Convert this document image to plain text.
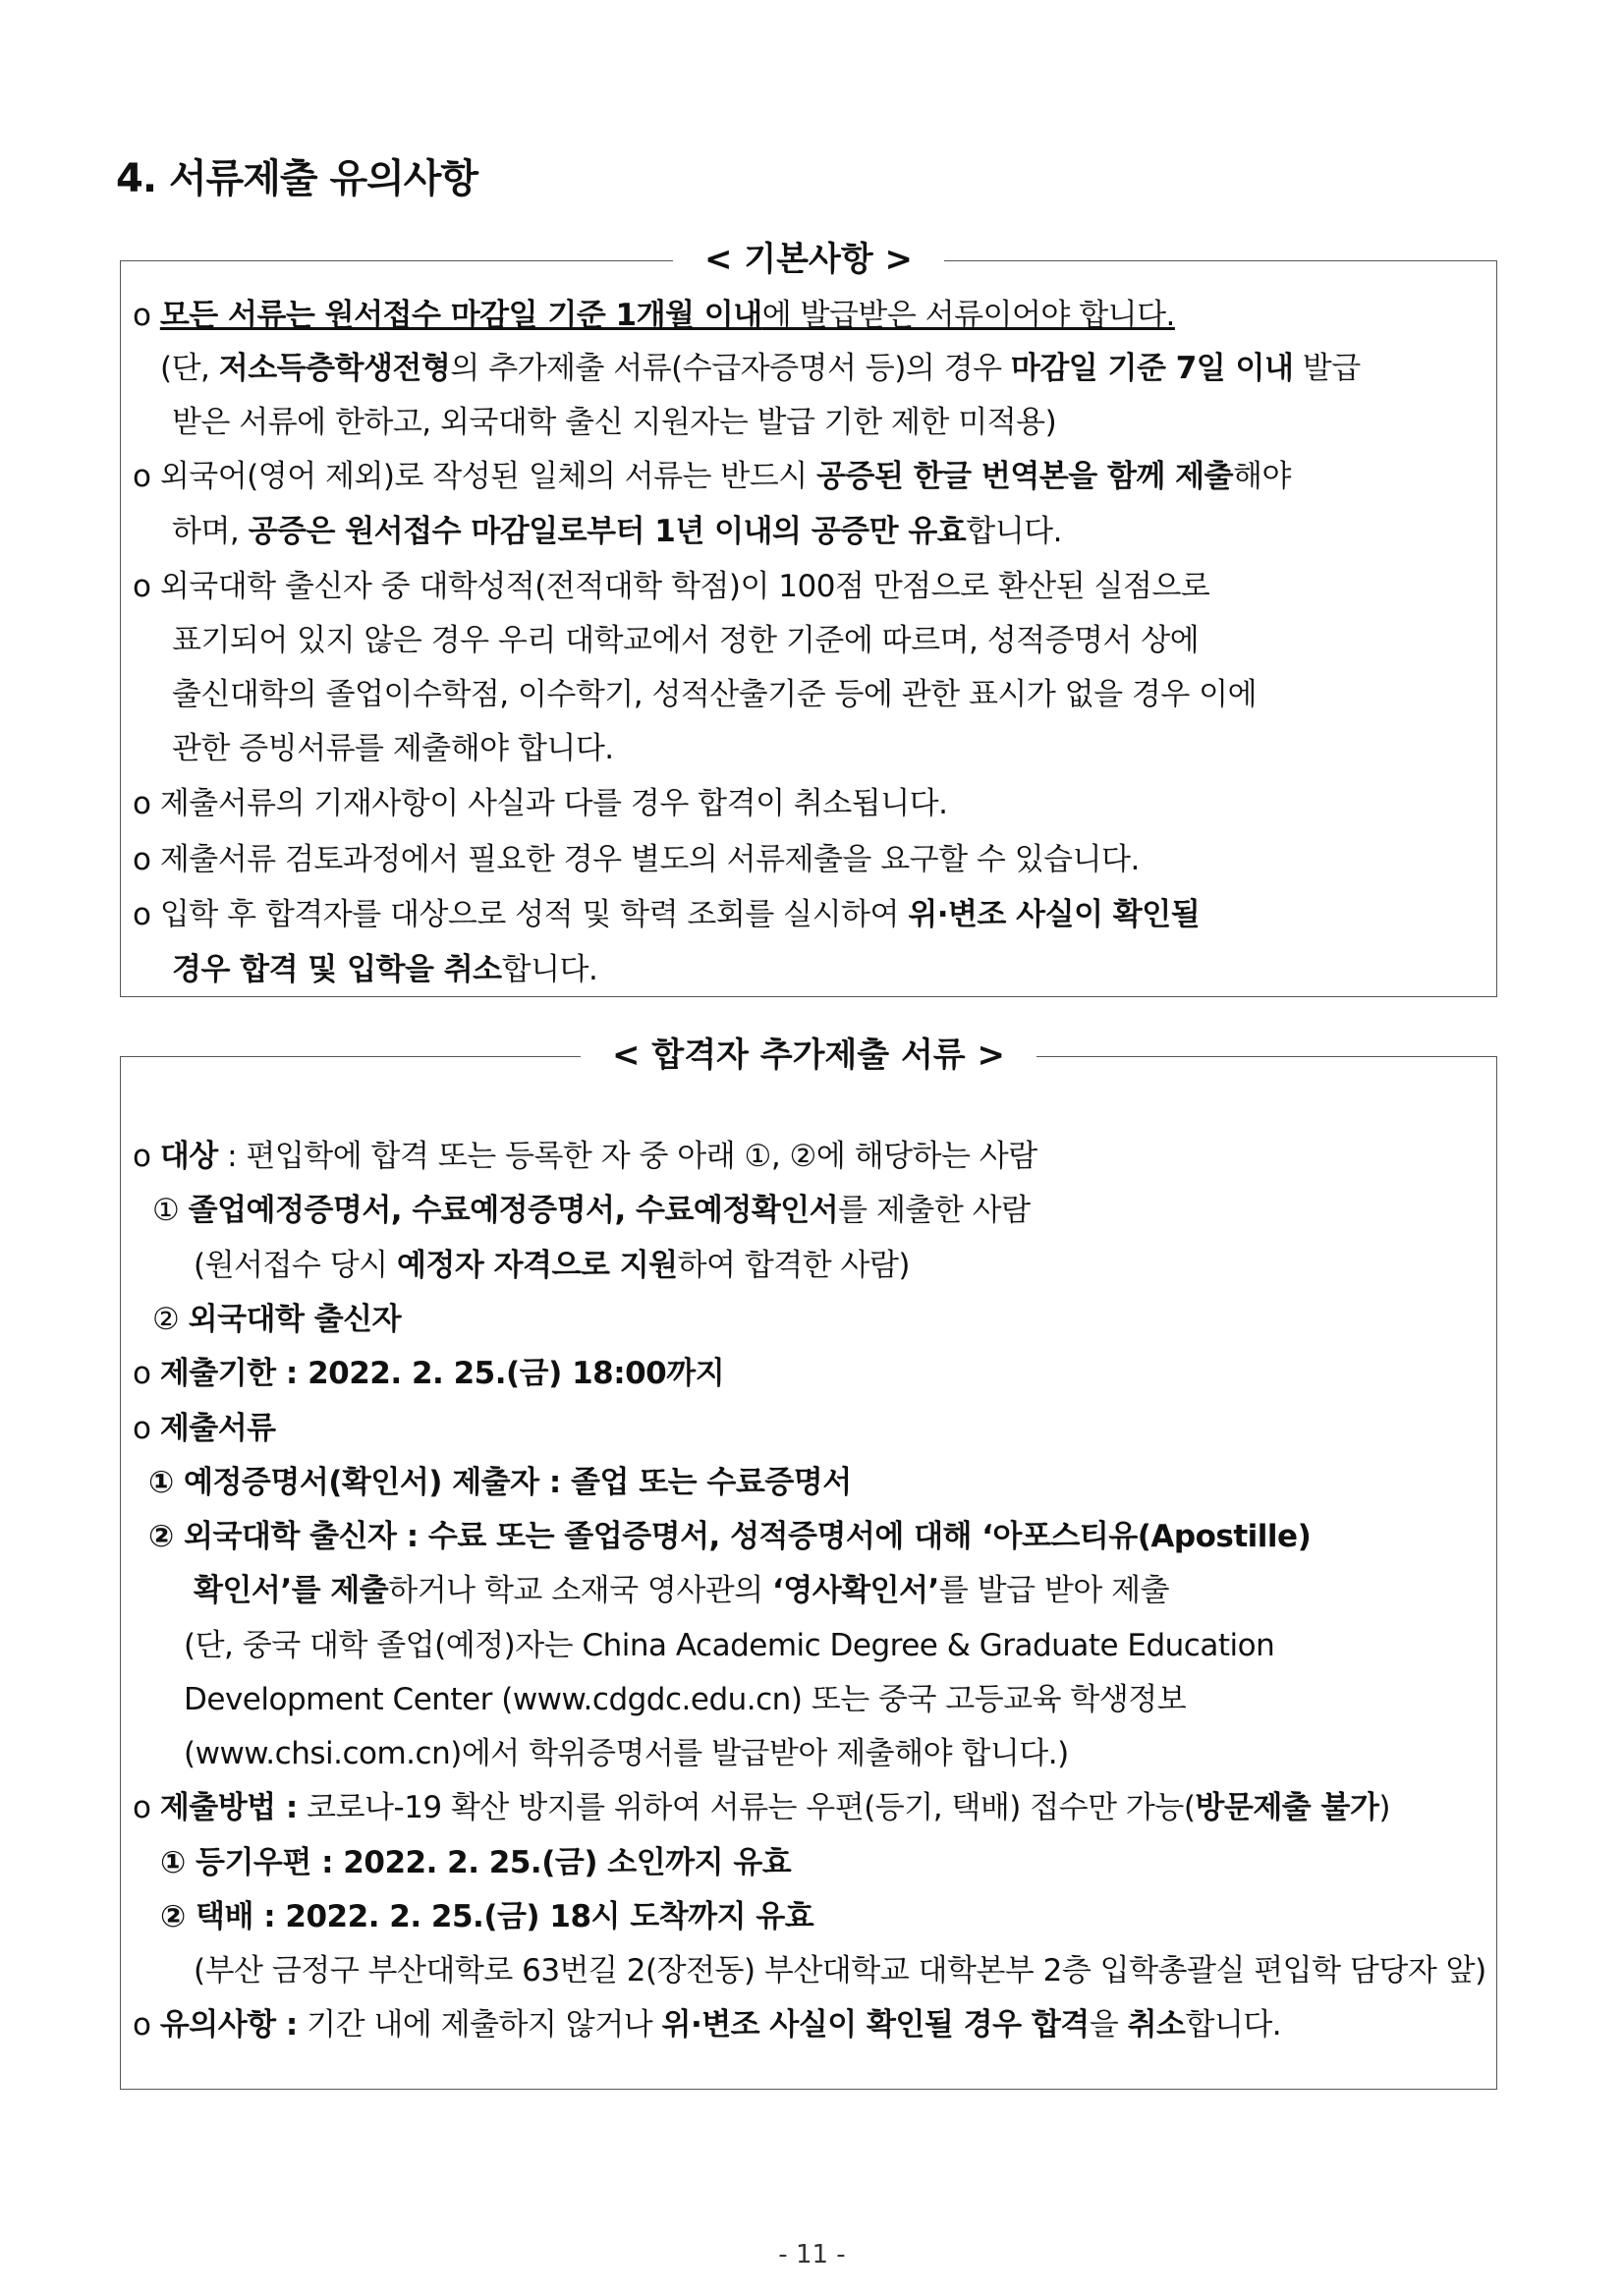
4. 서류제출 유의사항
< 기본사항 >
o 모든 서류는 원서접수 마감일 기준 1개월 이내에 발급받은 서류이어야 합니다.
(단, 저소득층학생전형의 추가제출 서류(수급자증명서 등)의 경우 마감일 기준 7일 이내 발급
받은 서류에 한하고, 외국대학 출신 지원자는 발급 기한 제한 미적용)
o 외국어(영어 제외)로 작성된 일체의 서류는 반드시 공증된 한글 번역본을 함께 제출해야
하며, 공증은 원서접수 마감일로부터 1년 이내의 공증만 유효합니다.
o 외국대학 출신자 중 대학성적(전적대학 학점)이 100점 만점으로 환산된 실점으로
표기되어 있지 않은 경우 우리 대학교에서 정한 기준에 따르며, 성적증명서 상에
출신대학의 졸업이수학점, 이수학기, 성적산출기준 등에 관한 표시가 없을 경우 이에
관한 증빙서류를 제출해야 합니다.
o 제출서류의 기재사항이 사실과 다를 경우 합격이 취소됩니다.
o 제출서류 검토과정에서 필요한 경우 별도의 서류제출을 요구할 수 있습니다.
o 입학 후 합격자를 대상으로 성적 및 학력 조회를 실시하여 위·변조 사실이 확인될
경우 합격 및 입학을 취소합니다.
< 합격자 추가제출 서류 >
o 대상 : 편입학에 합격 또는 등록한 자 중 아래 ①, ②에 해당하는 사람
① 졸업예정증명서, 수료예정증명서, 수료예정확인서를 제출한 사람
(원서접수 당시 예정자 자격으로 지원하여 합격한 사람)
② 외국대학 출신자
o 제출기한 : 2022. 2. 25.(금) 18:00까지
o 제출서류
① 예정증명서(확인서) 제출자 : 졸업 또는 수료증명서
② 외국대학 출신자 : 수료 또는 졸업증명서, 성적증명서에 대해 ‘아포스티유(Apostille)
확인서’를 제출하거나 학교 소재국 영사관의 ‘영사확인서’를 발급 받아 제출
(단, 중국 대학 졸업(예정)자는 China Academic Degree & Graduate Education
Development Center (www.cdgdc.edu.cn) 또는 중국 고등교육 학생정보
(www.chsi.com.cn)에서 학위증명서를 발급받아 제출해야 합니다.)
o 제출방법 : 코로나-19 확산 방지를 위하여 서류는 우편(등기, 택배) 접수만 가능(방문제출 불가)
① 등기우편 : 2022. 2. 25.(금) 소인까지 유효
② 택배 : 2022. 2. 25.(금) 18시 도착까지 유효
(부산 금정구 부산대학로 63번길 2(장전동) 부산대학교 대학본부 2층 입학총괄실 편입학 담당자 앞)
o 유의사항 : 기간 내에 제출하지 않거나 위·변조 사실이 확인될 경우 합격을 취소합니다.
- 11 -
